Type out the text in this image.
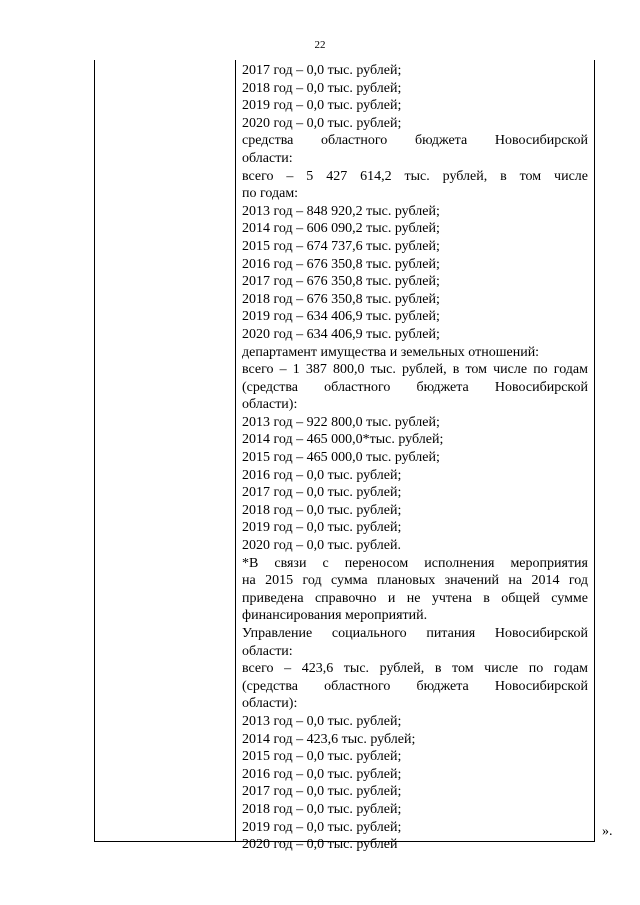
22
2017 год – 0,0 тыс. рублей;
2018 год – 0,0 тыс. рублей;
2019 год – 0,0 тыс. рублей;
2020 год – 0,0 тыс. рублей;
средства областного бюджета Новосибирской
области:
всего – 5 427 614,2 тыс. рублей, в том числе
по годам:
2013 год – 848 920,2 тыс. рублей;
2014 год – 606 090,2 тыс. рублей;
2015 год – 674 737,6 тыс. рублей;
2016 год – 676 350,8 тыс. рублей;
2017 год – 676 350,8 тыс. рублей;
2018 год – 676 350,8 тыс. рублей;
2019 год – 634 406,9 тыс. рублей;
2020 год – 634 406,9 тыс. рублей;
департамент имущества и земельных отношений:
всего – 1 387 800,0 тыс. рублей, в том числе по годам
(средства областного бюджета Новосибирской
области):
2013 год – 922 800,0 тыс. рублей;
2014 год – 465 000,0*тыс. рублей;
2015 год – 465 000,0 тыс. рублей;
2016 год – 0,0 тыс. рублей;
2017 год – 0,0 тыс. рублей;
2018 год – 0,0 тыс. рублей;
2019 год – 0,0 тыс. рублей;
2020 год – 0,0 тыс. рублей.
*В связи с переносом исполнения мероприятия
на 2015 год сумма плановых значений на 2014 год
приведена справочно и не учтена в общей сумме
финансирования мероприятий.
Управление социального питания Новосибирской
области:
всего – 423,6 тыс. рублей, в том числе по годам
(средства областного бюджета Новосибирской
области):
2013 год – 0,0 тыс. рублей;
2014 год – 423,6 тыс. рублей;
2015 год – 0,0 тыс. рублей;
2016 год – 0,0 тыс. рублей;
2017 год – 0,0 тыс. рублей;
2018 год – 0,0 тыс. рублей;
2019 год – 0,0 тыс. рублей;
2020 год – 0,0 тыс. рублей
».
